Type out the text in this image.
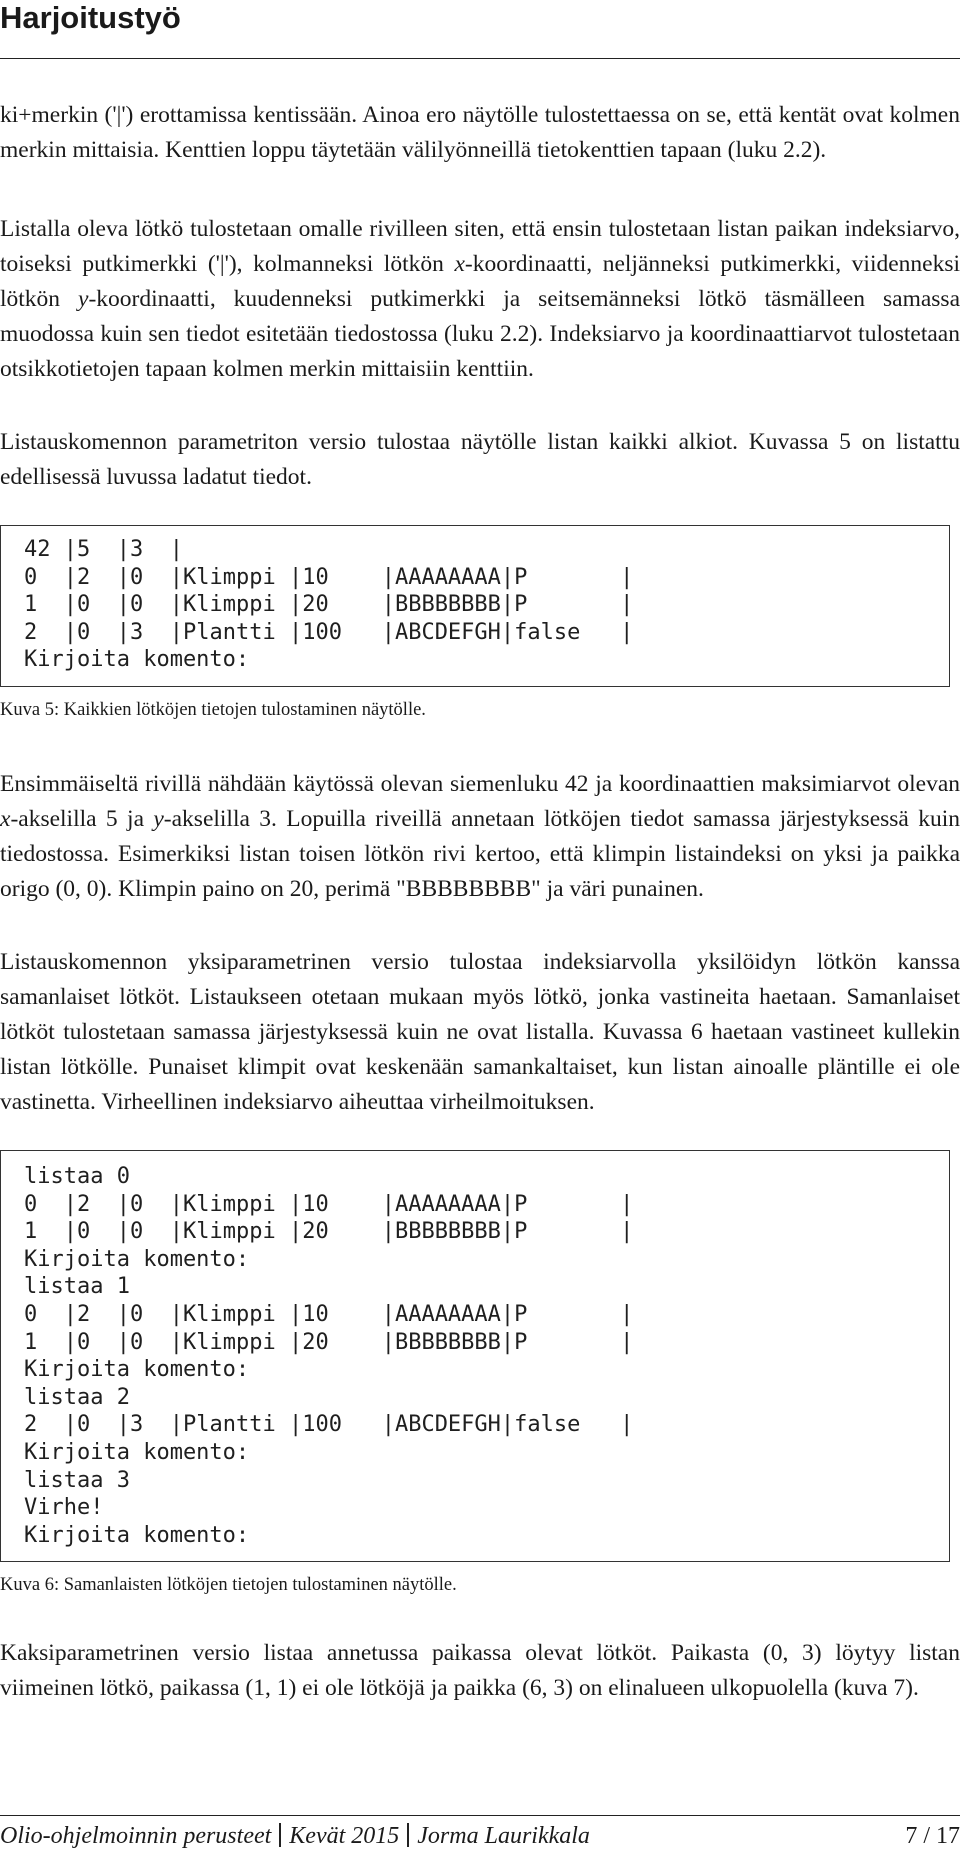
Harjoitustyö

ki+merkin ('|') erottamissa kentissään. Ainoa ero näytölle tulostettaessa on se, että kentät ovat kolmen merkin mittaisia. Kenttien loppu täytetään välilyönneillä tietokenttien tapaan (luku 2.2).

Listalla oleva lötkö tulostetaan omalle rivilleen siten, että ensin tulostetaan listan paikan indeksiarvo, toiseksi putkimerkki ('|'), kolmanneksi lötkön x-koordinaatti, neljänneksi putkimerkki, viidenneksi lötkön y-koordinaatti, kuudenneksi putkimerkki ja seitsemänneksi lötkö täsmälleen samassa muodossa kuin sen tiedot esitetään tiedostossa (luku 2.2). Indeksiarvo ja koordinaattiarvot tulostetaan otsikkotietojen tapaan kolmen merkin mittaisiin kenttiin.

Listauskomennon parametriton versio tulostaa näytölle listan kaikki alkiot. Kuvassa 5 on listattu edellisessä luvussa ladatut tiedot.

42 |5  |3  |
0  |2  |0  |Klimppi |10    |AAAAAAAA|P       |
1  |0  |0  |Klimppi |20    |BBBBBBBB|P       |
2  |0  |3  |Plantti |100   |ABCDEFGH|false   |
Kirjoita komento:

Kuva 5: Kaikkien lötköjen tietojen tulostaminen näytölle.

Ensimmäiseltä rivillä nähdään käytössä olevan siemenluku 42 ja koordinaattien maksimiarvot olevan x-akselilla 5 ja y-akselilla 3. Lopuilla riveillä annetaan lötköjen tiedot samassa järjestyksessä kuin tiedostossa. Esimerkiksi listan toisen lötkön rivi kertoo, että klimpin listaindeksi on yksi ja paikka origo (0, 0). Klimpin paino on 20, perimä "BBBBBBBB" ja väri punainen.

Listauskomennon yksiparametrinen versio tulostaa indeksiarvolla yksilöidyn lötkön kanssa samanlaiset lötköt. Listaukseen otetaan mukaan myös lötkö, jonka vastineita haetaan. Samanlaiset lötköt tulostetaan samassa järjestyksessä kuin ne ovat listalla. Kuvassa 6 haetaan vastineet kullekin listan lötkölle. Punaiset klimpit ovat keskenään samankaltaiset, kun listan ainoalle pläntille ei ole vastinetta. Virheellinen indeksiarvo aiheuttaa virheilmoituksen.

listaa 0
0  |2  |0  |Klimppi |10    |AAAAAAAA|P       |
1  |0  |0  |Klimppi |20    |BBBBBBBB|P       |
Kirjoita komento:
listaa 1
0  |2  |0  |Klimppi |10    |AAAAAAAA|P       |
1  |0  |0  |Klimppi |20    |BBBBBBBB|P       |
Kirjoita komento:
listaa 2
2  |0  |3  |Plantti |100   |ABCDEFGH|false   |
Kirjoita komento:
listaa 3
Virhe!
Kirjoita komento:

Kuva 6: Samanlaisten lötköjen tietojen tulostaminen näytölle.

Kaksiparametrinen versio listaa annetussa paikassa olevat lötköt. Paikasta (0, 3) löytyy listan viimeinen lötkö, paikassa (1, 1) ei ole lötköjä ja paikka (6, 3) on elinalueen ulkopuolella (kuva 7).

Olio-ohjelmoinnin perusteet Kevät 2015 Jorma Laurikkala	7 / 17
